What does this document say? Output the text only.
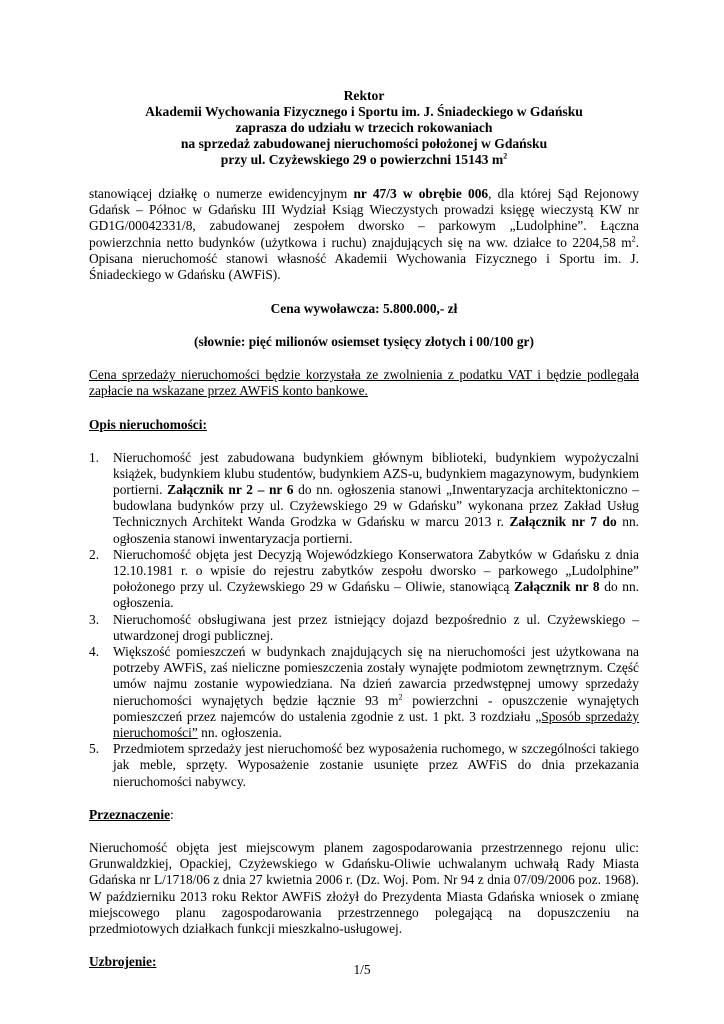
Rektor
Akademii Wychowania Fizycznego i Sportu im. J. Śniadeckiego w Gdańsku
zaprasza do udziału w trzecich rokowaniach
na sprzedaż zabudowanej nieruchomości położonej w Gdańsku
przy ul. Czyżewskiego 29 o powierzchni 15143 $m^2$

stanowiącej działkę o numerze ewidencyjnym nr 47/3 w obrębie 006, dla której Sąd Rejonowy Gdańsk – Północ w Gdańsku III Wydział Ksiąg Wieczystych prowadzi księgę wieczystą KW nr GD1G/00042331/8, zabudowanej zespołem dworsko – parkowym „Ludolphine”. Łączna powierzchnia netto budynków (użytkowa i ruchu) znajdujących się na ww. działce to 2204,58 $m^2$. Opisana nieruchomość stanowi własność Akademii Wychowania Fizycznego i Sportu im. J. Śniadeckiego w Gdańsku (AWFiS).

Cena wywoławcza: 5.800.000,- zł

(słownie: pięć milionów osiemset tysięcy złotych i 00/100 gr)

Cena sprzedaży nieruchomości będzie korzystała ze zwolnienia z podatku VAT i będzie podlegała zapłacie na wskazane przez AWFiS konto bankowe.

Opis nieruchomości:

1. Nieruchomość jest zabudowana budynkiem głównym biblioteki, budynkiem wypożyczalni książek, budynkiem klubu studentów, budynkiem AZS-u, budynkiem magazynowym, budynkiem portierni. Załącznik nr 2 – nr 6 do nn. ogłoszenia stanowi „Inwentaryzacja architektoniczno – budowlana budynków przy ul. Czyżewskiego 29 w Gdańsku” wykonana przez Zakład Usług Technicznych Architekt Wanda Grodzka w Gdańsku w marcu 2013 r. Załącznik nr 7 do nn. ogłoszenia stanowi inwentaryzacja portierni.
2. Nieruchomość objęta jest Decyzją Wojewódzkiego Konserwatora Zabytków w Gdańsku z dnia 12.10.1981 r. o wpisie do rejestru zabytków zespołu dworsko – parkowego „Ludolphine” położonego przy ul. Czyżewskiego 29 w Gdańsku – Oliwie, stanowiącą Załącznik nr 8 do nn. ogłoszenia.
3. Nieruchomość obsługiwana jest przez istniejący dojazd bezpośrednio z ul. Czyżewskiego – utwardzonej drogi publicznej.
4. Większość pomieszczeń w budynkach znajdujących się na nieruchomości jest użytkowana na potrzeby AWFiS, zaś nieliczne pomieszczenia zostały wynajęte podmiotom zewnętrznym. Część umów najmu zostanie wypowiedziana. Na dzień zawarcia przedwstępnej umowy sprzedaży nieruchomości wynajętych będzie łącznie 93 $m^2$ powierzchni - opuszczenie wynajętych pomieszczeń przez najemców do ustalenia zgodnie z ust. 1 pkt. 3 rozdziału „Sposób sprzedaży nieruchomości” nn. ogłoszenia.
5. Przedmiotem sprzedaży jest nieruchomość bez wyposażenia ruchomego, w szczególności takiego jak meble, sprzęty. Wyposażenie zostanie usunięte przez AWFiS do dnia przekazania nieruchomości nabywcy.

Przeznaczenie:

Nieruchomość objęta jest miejscowym planem zagospodarowania przestrzennego rejonu ulic: Grunwaldzkiej, Opackiej, Czyżewskiego w Gdańsku-Oliwie uchwalanym uchwałą Rady Miasta Gdańska nr L/1718/06 z dnia 27 kwietnia 2006 r. (Dz. Woj. Pom. Nr 94 z dnia 07/09/2006 poz. 1968). W październiku 2013 roku Rektor AWFiS złożył do Prezydenta Miasta Gdańska wniosek o zmianę miejscowego planu zagospodarowania przestrzennego polegającą na dopuszczeniu na przedmiotowych działkach funkcji mieszkalno-usługowej.

Uzbrojenie:

1/5
